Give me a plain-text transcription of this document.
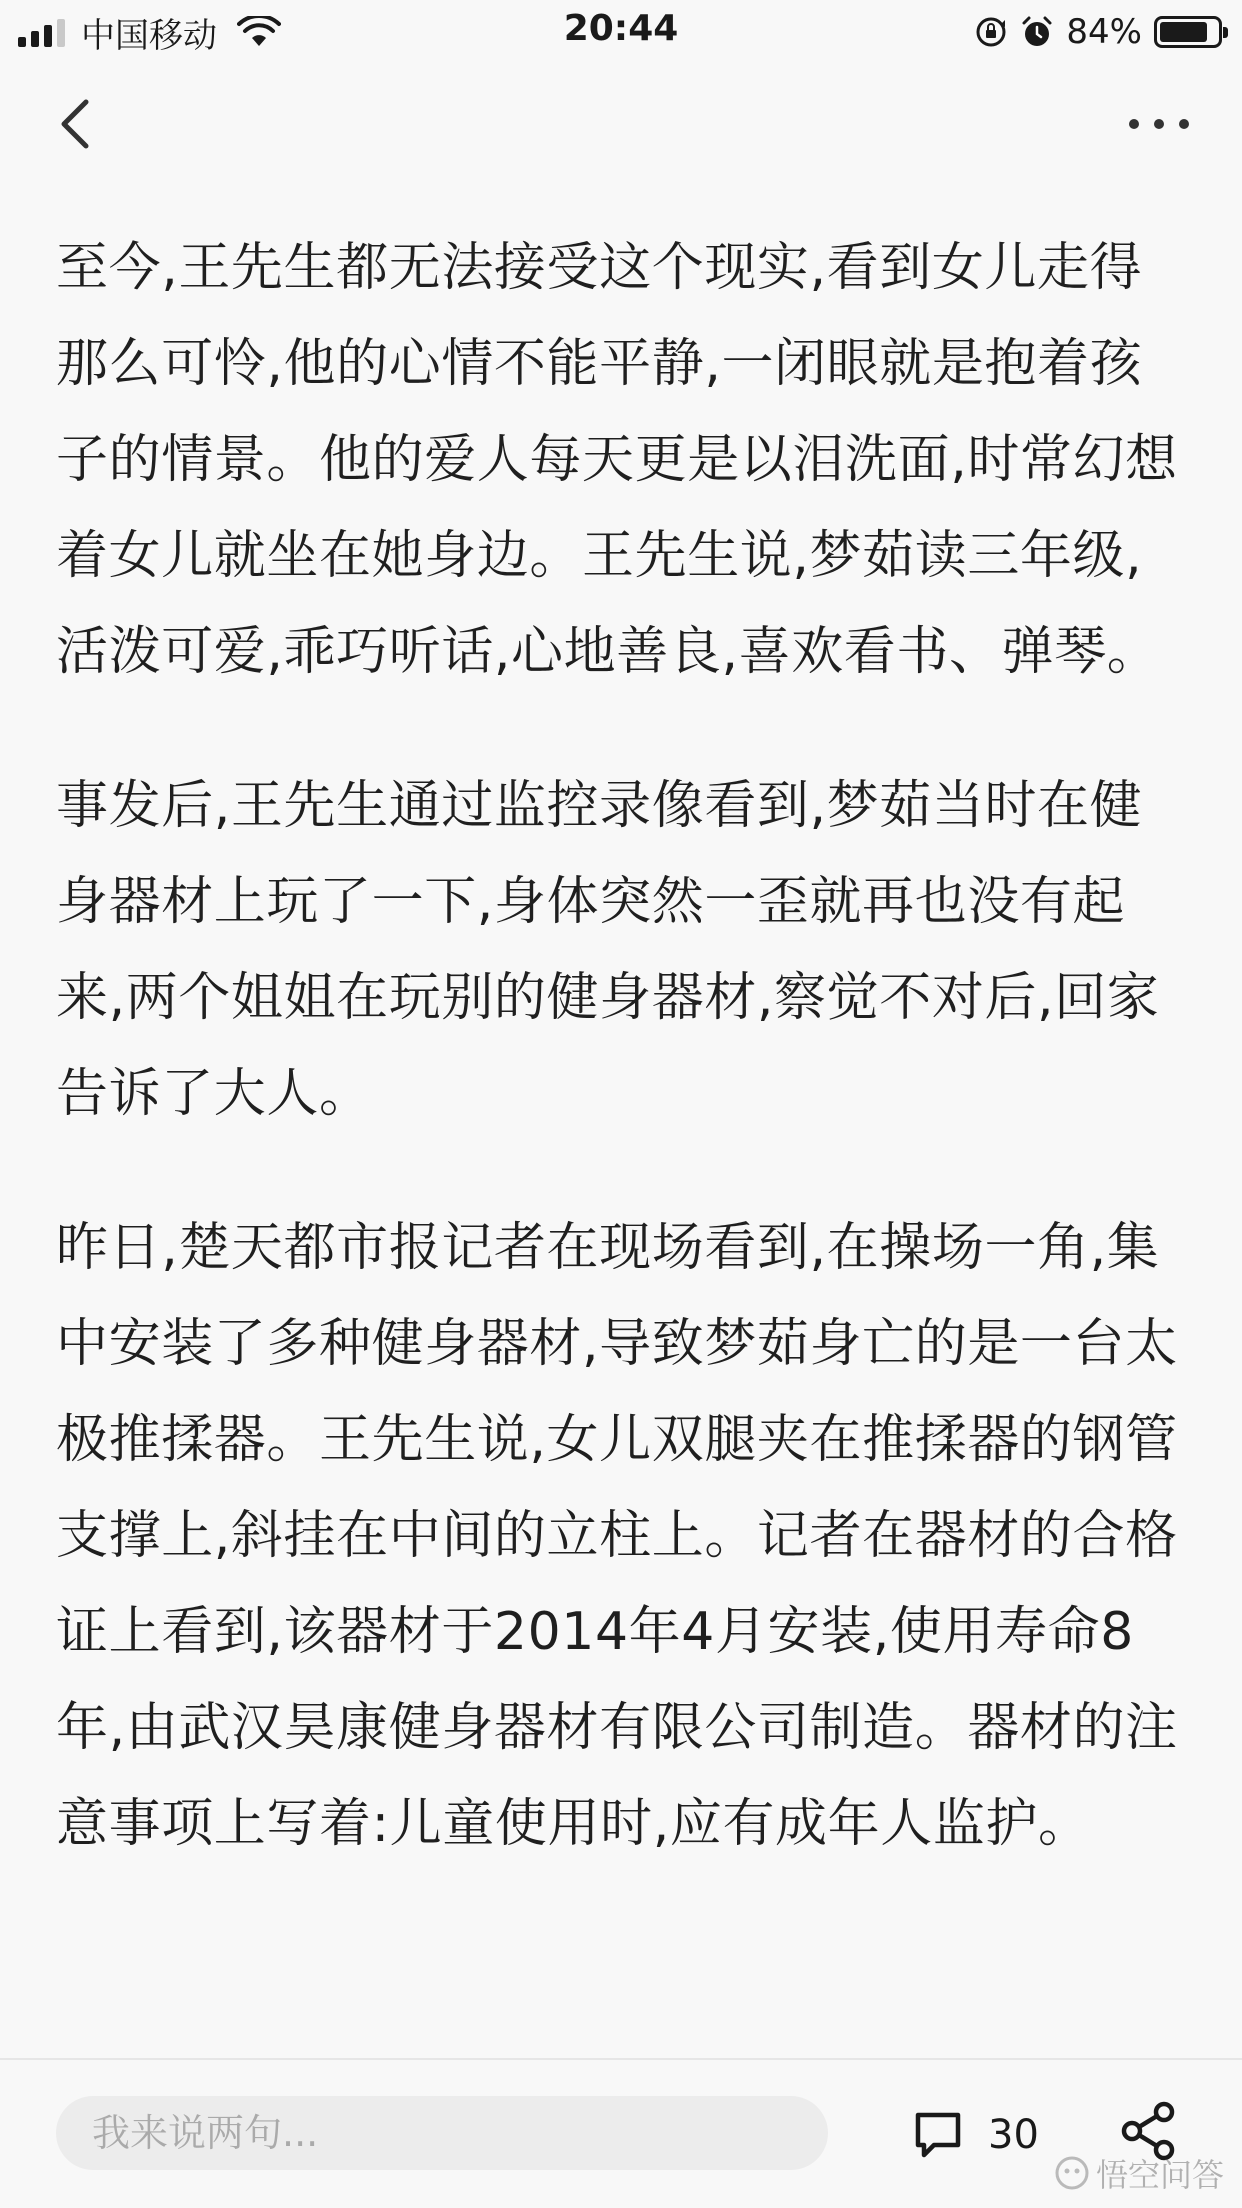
中国移动	20:44	84%

至今,王先生都无法接受这个现实,看到女儿走得那么可怜,他的心情不能平静,一闭眼就是抱着孩子的情景。他的爱人每天更是以泪洗面,时常幻想着女儿就坐在她身边。王先生说,梦茹读三年级,活泼可爱,乖巧听话,心地善良,喜欢看书、弹琴。

事发后,王先生通过监控录像看到,梦茹当时在健身器材上玩了一下,身体突然一歪就再也没有起来,两个姐姐在玩别的健身器材,察觉不对后,回家告诉了大人。

昨日,楚天都市报记者在现场看到,在操场一角,集中安装了多种健身器材,导致梦茹身亡的是一台太极推揉器。王先生说,女儿双腿夹在推揉器的钢管支撑上,斜挂在中间的立柱上。记者在器材的合格证上看到,该器材于2014年4月安装,使用寿命8年,由武汉昊康健身器材有限公司制造。器材的注意事项上写着:儿童使用时,应有成年人监护。

我来说两句...
30
悟空问答
